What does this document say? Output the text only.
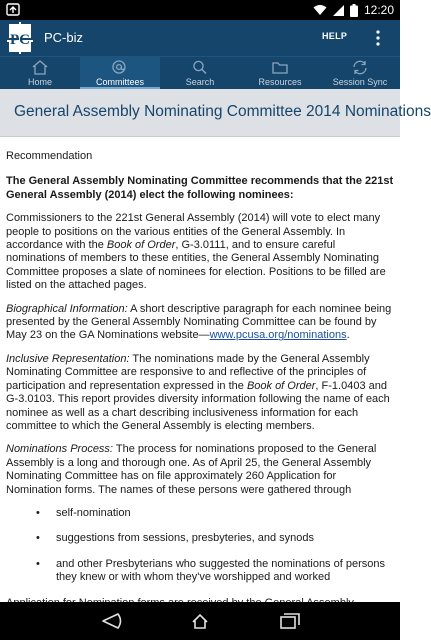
12:20
PC PC-biz	HELP
Home	Committees	Search	Resources	Session Sync
General Assembly Nominating Committee 2014 Nominations
Recommendation

The General Assembly Nominating Committee recommends that the 221st General Assembly (2014) elect the following nominees:

Commissioners to the 221st General Assembly (2014) will vote to elect many people to positions on the various entities of the General Assembly. In accordance with the Book of Order, G-3.0111, and to ensure careful nominations of members to these entities, the General Assembly Nominating Committee proposes a slate of nominees for election. Positions to be filled are listed on the attached pages.

Biographical Information: A short descriptive paragraph for each nominee being presented by the General Assembly Nominating Committee can be found by May 23 on the GA Nominations website—www.pcusa.org/nominations.

Inclusive Representation: The nominations made by the General Assembly Nominating Committee are responsive to and reflective of the principles of participation and representation expressed in the Book of Order, F-1.0403 and G-3.0103. This report provides diversity information following the name of each nominee as well as a chart describing inclusiveness information for each committee to which the General Assembly is electing members.

Nominations Process: The process for nominations proposed to the General Assembly is a long and thorough one. As of April 25, the General Assembly Nominating Committee has on file approximately 260 Application for Nomination forms. The names of these persons were gathered through

• self-nomination
• suggestions from sessions, presbyteries, and synods
• and other Presbyterians who suggested the nominations of persons they knew or with whom they've worshipped and worked
